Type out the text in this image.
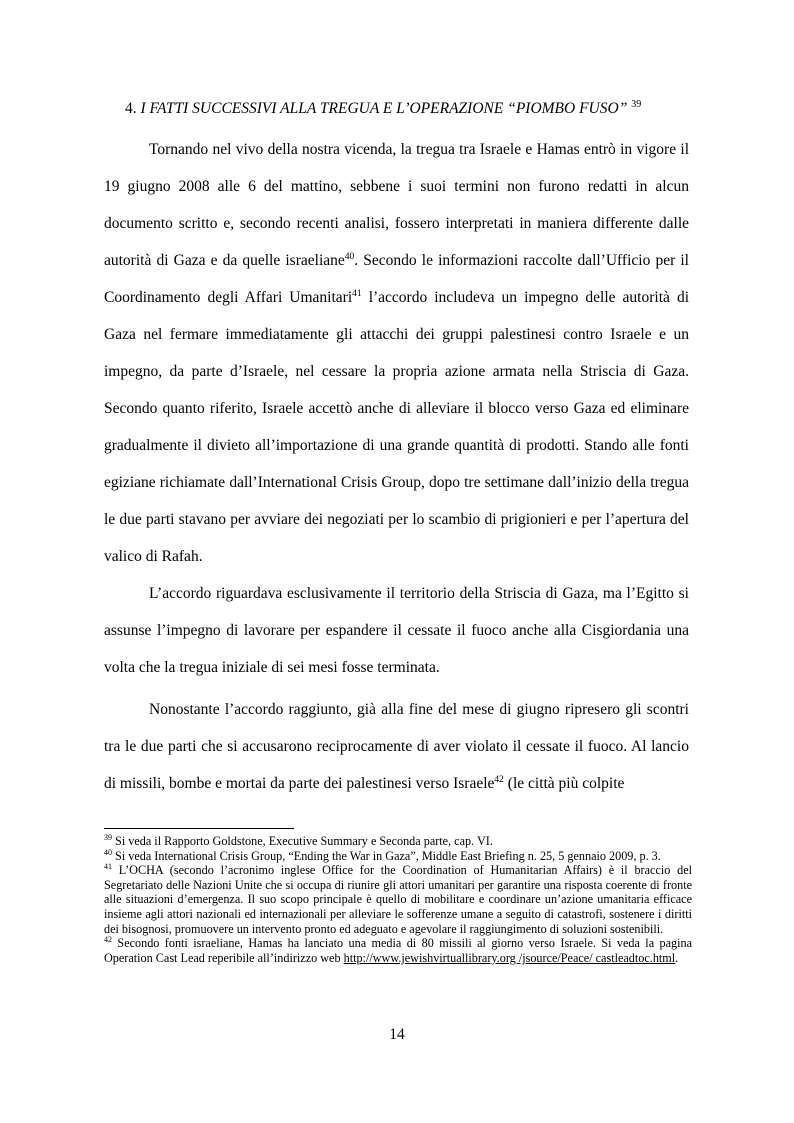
4. I FATTI SUCCESSIVI ALLA TREGUA E L’OPERAZIONE “PIOMBO FUSO” $^{39}$

Tornando nel vivo della nostra vicenda, la tregua tra Israele e Hamas entrò in vigore il 19 giugno 2008 alle 6 del mattino, sebbene i suoi termini non furono redatti in alcun documento scritto e, secondo recenti analisi, fossero interpretati in maniera differente dalle autorità di Gaza e da quelle israeliane$^{40}$. Secondo le informazioni raccolte dall’Ufficio per il Coordinamento degli Affari Umanitari$^{41}$ l’accordo includeva un impegno delle autorità di Gaza nel fermare immediatamente gli attacchi dei gruppi palestinesi contro Israele e un impegno, da parte d’Israele, nel cessare la propria azione armata nella Striscia di Gaza. Secondo quanto riferito, Israele accettò anche di alleviare il blocco verso Gaza ed eliminare gradualmente il divieto all’importazione di una grande quantità di prodotti. Stando alle fonti egiziane richiamate dall’International Crisis Group, dopo tre settimane dall’inizio della tregua le due parti stavano per avviare dei negoziati per lo scambio di prigionieri e per l’apertura del valico di Rafah.

L’accordo riguardava esclusivamente il territorio della Striscia di Gaza, ma l’Egitto si assunse l’impegno di lavorare per espandere il cessate il fuoco anche alla Cisgiordania una volta che la tregua iniziale di sei mesi fosse terminata.

Nonostante l’accordo raggiunto, già alla fine del mese di giugno ripresero gli scontri tra le due parti che si accusarono reciprocamente di aver violato il cessate il fuoco. Al lancio di missili, bombe e mortai da parte dei palestinesi verso Israele$^{42}$ (le città più colpite

$^{39}$ Si veda il Rapporto Goldstone, Executive Summary e Seconda parte, cap. VI.

$^{40}$ Si veda International Crisis Group, “Ending the War in Gaza”, Middle East Briefing n. 25, 5 gennaio 2009, p. 3.

$^{41}$ L’OCHA (secondo l’acronimo inglese Office for the Coordination of Humanitarian Affairs) è il braccio del Segretariato delle Nazioni Unite che si occupa di riunire gli attori umanitari per garantire una risposta coerente di fronte alle situazioni d’emergenza. Il suo scopo principale è quello di mobilitare e coordinare un’azione umanitaria efficace insieme agli attori nazionali ed internazionali per alleviare le sofferenze umane a seguito di catastrofi, sostenere i diritti dei bisognosi, promuovere un intervento pronto ed adeguato e agevolare il raggiungimento di soluzioni sostenibili.

$^{42}$ Secondo fonti israeliane, Hamas ha lanciato una media di 80 missili al giorno verso Israele. Si veda la pagina Operation Cast Lead reperibile all’indirizzo web http://www.jewishvirtuallibrary.org /jsource/Peace/ castleadtoc.html.

14
